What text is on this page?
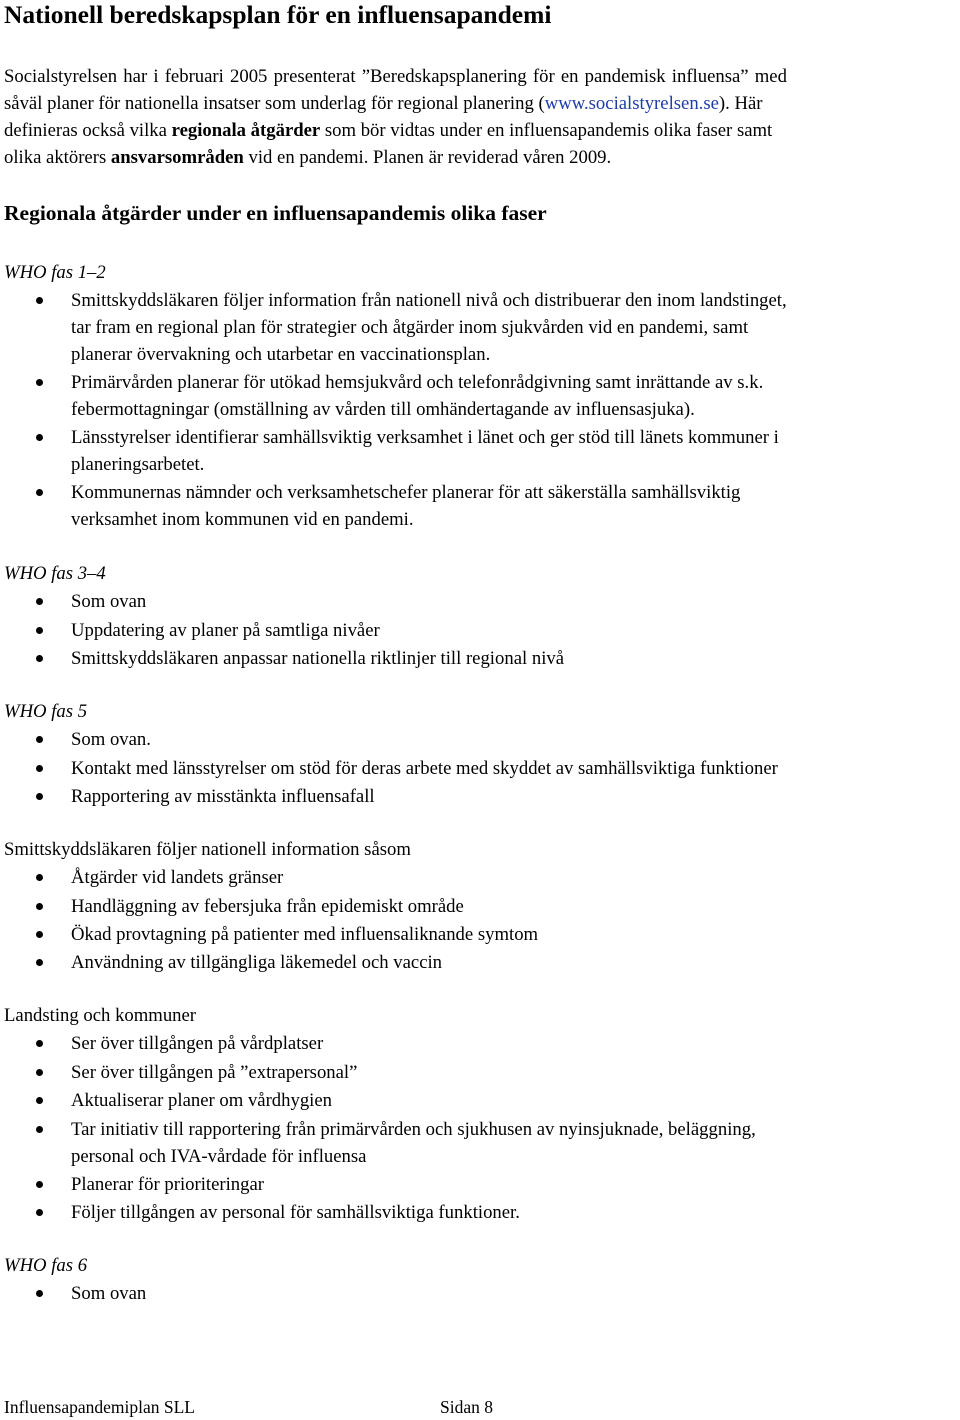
Nationell beredskapsplan för en influensapandemi
Socialstyrelsen har i februari 2005 presenterat ”Beredskapsplanering för en pandemisk influensa” med
såväl planer för nationella insatser som underlag för regional planering (www.socialstyrelsen.se). Här
definieras också vilka regionala åtgärder som bör vidtas under en influensapandemis olika faser samt
olika aktörers ansvarsområden vid en pandemi. Planen är reviderad våren 2009.
Regionala åtgärder under en influensapandemis olika faser
WHO fas 1–2
Smittskyddsläkaren följer information från nationell nivå och distribuerar den inom landstinget,
tar fram en regional plan för strategier och åtgärder inom sjukvården vid en pandemi, samt
planerar övervakning och utarbetar en vaccinationsplan.
Primärvården planerar för utökad hemsjukvård och telefonrådgivning samt inrättande av s.k.
febermottagningar (omställning av vården till omhändertagande av influensasjuka).
Länsstyrelser identifierar samhällsviktig verksamhet i länet och ger stöd till länets kommuner i
planeringsarbetet.
Kommunernas nämnder och verksamhetschefer planerar för att säkerställa samhällsviktig
verksamhet inom kommunen vid en pandemi.
WHO fas 3–4
Som ovan
Uppdatering av planer på samtliga nivåer
Smittskyddsläkaren anpassar nationella riktlinjer till regional nivå
WHO fas 5
Som ovan.
Kontakt med länsstyrelser om stöd för deras arbete med skyddet av samhällsviktiga funktioner
Rapportering av misstänkta influensafall
Smittskyddsläkaren följer nationell information såsom
Åtgärder vid landets gränser
Handläggning av febersjuka från epidemiskt område
Ökad provtagning på patienter med influensaliknande symtom
Användning av tillgängliga läkemedel och vaccin
Landsting och kommuner
Ser över tillgången på vårdplatser
Ser över tillgången på ”extrapersonal”
Aktualiserar planer om vårdhygien
Tar initiativ till rapportering från primärvården och sjukhusen av nyinsjuknade, beläggning,
personal och IVA-vårdade för influensa
Planerar för prioriteringar
Följer tillgången av personal för samhällsviktiga funktioner.
WHO fas 6
Som ovan
Influensapandemiplan SLL	Sidan 8
